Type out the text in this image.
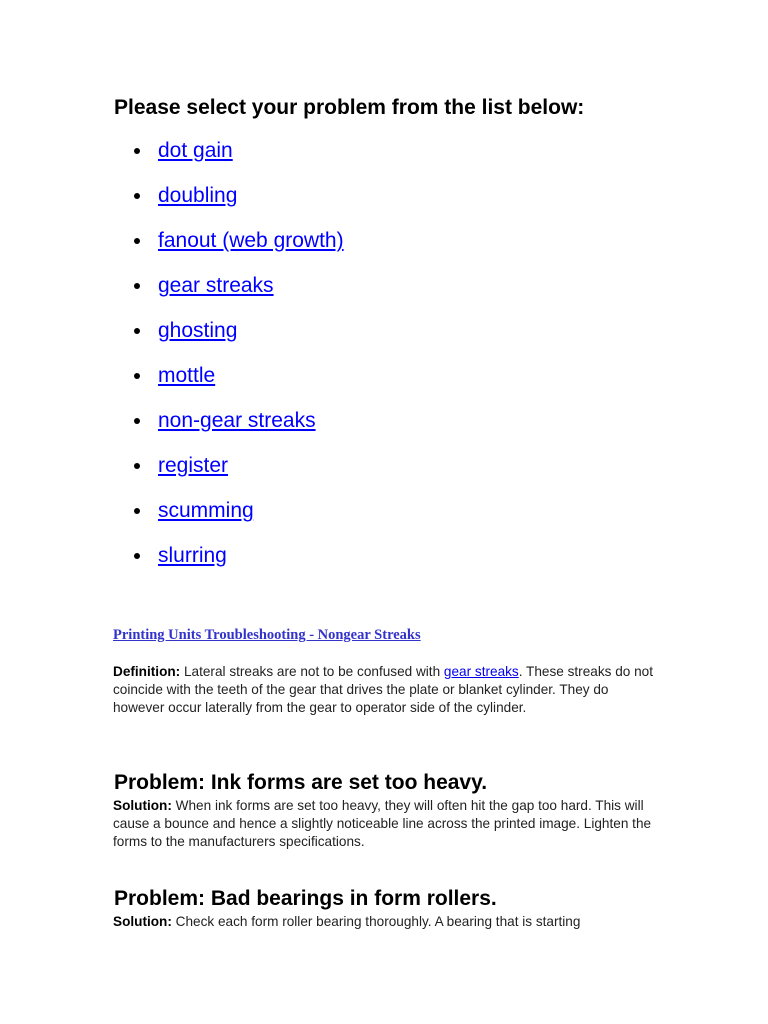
Please select your problem from the list below:
dot gain
doubling
fanout (web growth)
gear streaks
ghosting
mottle
non-gear streaks
register
scumming
slurring
Printing Units Troubleshooting - Nongear Streaks
Definition: Lateral streaks are not to be confused with gear streaks. These streaks do not coincide with the teeth of the gear that drives the plate or blanket cylinder. They do however occur laterally from the gear to operator side of the cylinder.
Problem: Ink forms are set too heavy.
Solution: When ink forms are set too heavy, they will often hit the gap too hard. This will cause a bounce and hence a slightly noticeable line across the printed image. Lighten the forms to the manufacturers specifications.
Problem: Bad bearings in form rollers.
Solution: Check each form roller bearing thoroughly. A bearing that is starting
